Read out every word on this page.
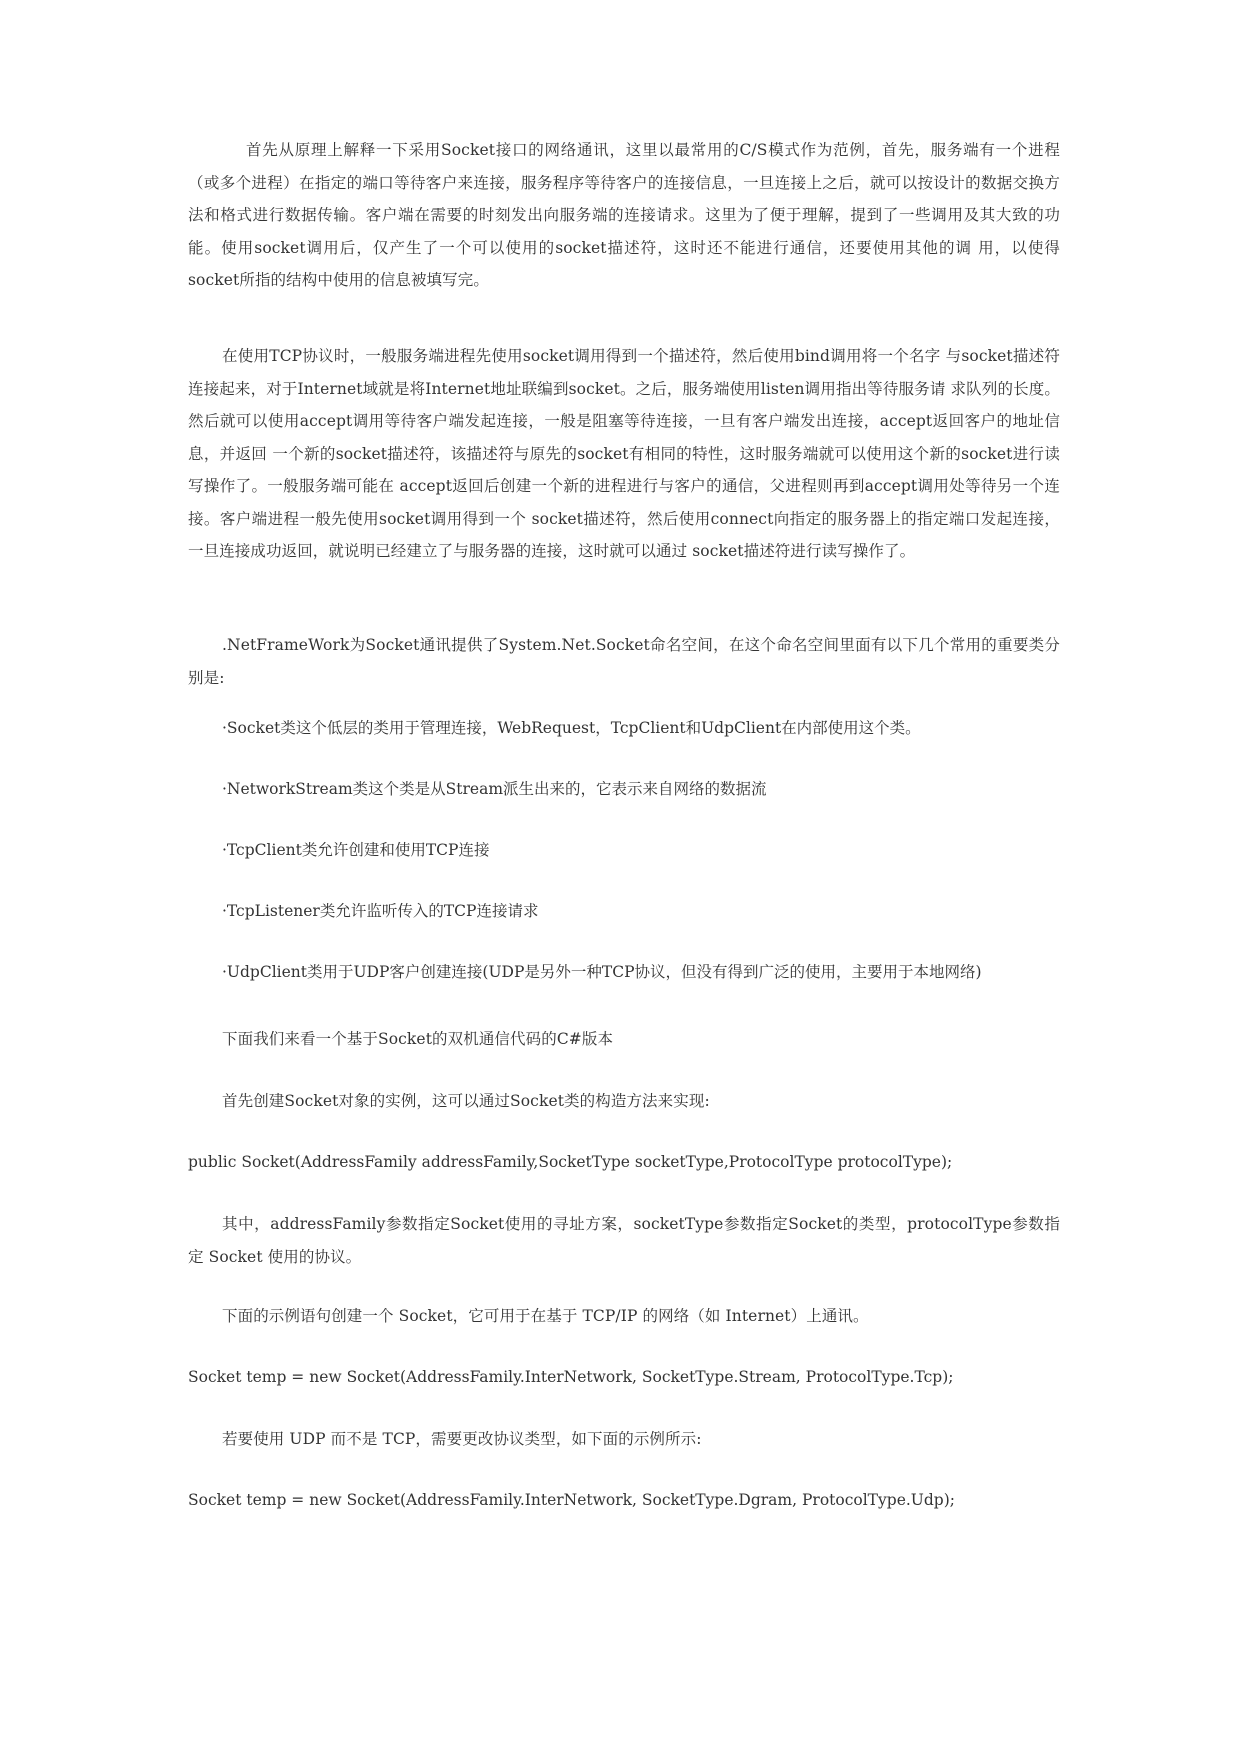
首先从原理上解释一下采用Socket接口的网络通讯，这里以最常用的C/S模式作为范例，首先，服务端有一个进程（或多个进程）在指定的端口等待客户来连接，服务程序等待客户的连接信息，一旦连接上之后，就可以按设计的数据交换方法和格式进行数据传输。客户端在需要的时刻发出向服务端的连接请求。这里为了便于理解，提到了一些调用及其大致的功能。使用socket调用后，仅产生了一个可以使用的socket描述符，这时还不能进行通信，还要使用其他的调 用，以使得socket所指的结构中使用的信息被填写完。

在使用TCP协议时，一般服务端进程先使用socket调用得到一个描述符，然后使用bind调用将一个名字 与socket描述符连接起来，对于Internet域就是将Internet地址联编到socket。之后，服务端使用listen调用指出等待服务请 求队列的长度。然后就可以使用accept调用等待客户端发起连接，一般是阻塞等待连接，一旦有客户端发出连接，accept返回客户的地址信息，并返回 一个新的socket描述符，该描述符与原先的socket有相同的特性，这时服务端就可以使用这个新的socket进行读写操作了。一般服务端可能在 accept返回后创建一个新的进程进行与客户的通信，父进程则再到accept调用处等待另一个连接。客户端进程一般先使用socket调用得到一个 socket描述符，然后使用connect向指定的服务器上的指定端口发起连接，一旦连接成功返回，就说明已经建立了与服务器的连接，这时就可以通过 socket描述符进行读写操作了。

.NetFrameWork为Socket通讯提供了System.Net.Socket命名空间，在这个命名空间里面有以下几个常用的重要类分别是:

·Socket类这个低层的类用于管理连接，WebRequest，TcpClient和UdpClient在内部使用这个类。
·NetworkStream类这个类是从Stream派生出来的，它表示来自网络的数据流
·TcpClient类允许创建和使用TCP连接
·TcpListener类允许监听传入的TCP连接请求
·UdpClient类用于UDP客户创建连接(UDP是另外一种TCP协议，但没有得到广泛的使用，主要用于本地网络)

下面我们来看一个基于Socket的双机通信代码的C#版本

首先创建Socket对象的实例，这可以通过Socket类的构造方法来实现:

public Socket(AddressFamily addressFamily,SocketType socketType,ProtocolType protocolType);

其中，addressFamily参数指定Socket使用的寻址方案，socketType参数指定Socket的类型，protocolType参数指定 Socket 使用的协议。

下面的示例语句创建一个 Socket，它可用于在基于 TCP/IP 的网络（如 Internet）上通讯。

Socket temp = new Socket(AddressFamily.InterNetwork, SocketType.Stream, ProtocolType.Tcp);

若要使用 UDP 而不是 TCP，需要更改协议类型，如下面的示例所示:

Socket temp = new Socket(AddressFamily.InterNetwork, SocketType.Dgram, ProtocolType.Udp);
